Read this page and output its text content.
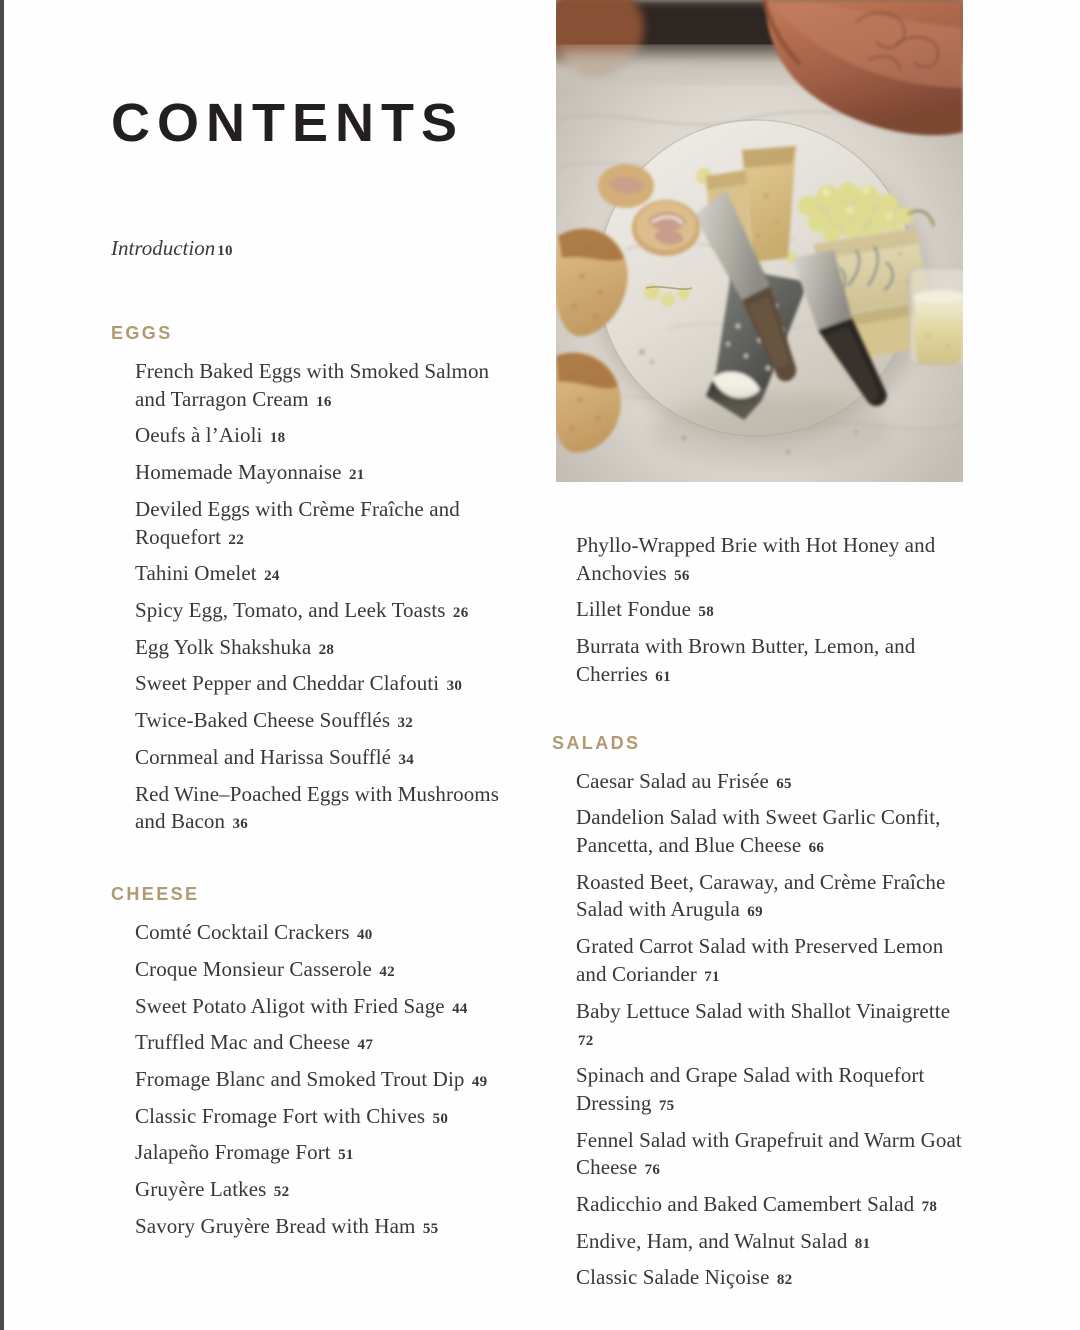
CONTENTS

Introduction 10

EGGS
French Baked Eggs with Smoked Salmon and Tarragon Cream 16
Oeufs à l’Aioli 18
Homemade Mayonnaise 21
Deviled Eggs with Crème Fraîche and Roquefort 22
Tahini Omelet 24
Spicy Egg, Tomato, and Leek Toasts 26
Egg Yolk Shakshuka 28
Sweet Pepper and Cheddar Clafouti 30
Twice-Baked Cheese Soufflés 32
Cornmeal and Harissa Soufflé 34
Red Wine–Poached Eggs with Mushrooms and Bacon 36
CHEESE
Comté Cocktail Crackers 40
Croque Monsieur Casserole 42
Sweet Potato Aligot with Fried Sage 44
Truffled Mac and Cheese 47
Fromage Blanc and Smoked Trout Dip 49
Classic Fromage Fort with Chives 50
Jalapeño Fromage Fort 51
Gruyère Latkes 52
Savory Gruyère Bread with Ham 55
Phyllo-Wrapped Brie with Hot Honey and Anchovies 56
Lillet Fondue 58
Burrata with Brown Butter, Lemon, and Cherries 61
SALADS
Caesar Salad au Frisée 65
Dandelion Salad with Sweet Garlic Confit, Pancetta, and Blue Cheese 66
Roasted Beet, Caraway, and Crème Fraîche Salad with Arugula 69
Grated Carrot Salad with Preserved Lemon and Coriander 71
Baby Lettuce Salad with Shallot Vinaigrette 72
Spinach and Grape Salad with Roquefort Dressing 75
Fennel Salad with Grapefruit and Warm Goat Cheese 76
Radicchio and Baked Camembert Salad 78
Endive, Ham, and Walnut Salad 81
Classic Salade Niçoise 82
